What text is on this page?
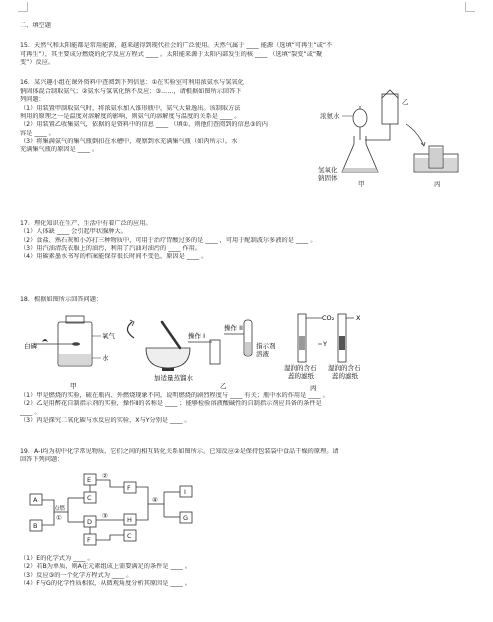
二、填空题

15．天然气和太阳能都是常用能源，越来越得到现代社会的广泛使用。天然气属于 ____ 能源（选填“可再生”或“不

可再生”），其主要成分燃烧的化学反应方程式 ____ 。太阳能来源于太阳内部发生的核 ____ （选填“裂变”或“聚

变”）反应。

16．某兴趣小组在课外资料中查阅到下列信息：①在实验室可利用浓氨水与氢氧化

钠固体混合制取氨气；②氨水与氢氧化钠不反应；③……，请根据如图所示回答下

列问题：

（1）用装置甲制取氨气时，将浓氨水加入锥形瓶中，氨气大量逸出。该制取方法

利用的原理之一是温度对溶解度的影响，则氨气的溶解度与温度的关系是 ____ 。

（2）用装置乙收集氨气，依据的是资料中的信息 ____ （填①，则他们查阅到的信息③的内

容是 ____ 。

（3）将集满氨气的集气瓶倒扣在水槽中，观察到水充满集气瓶（如丙所示）。水

充满集气瓶的原因是 ____ 。

浓氨水
氢氧化钠固体
甲
乙
丙

17．理化知识在生产、生活中有着广泛的应用。

（1）人体缺 ____ 会引起甲状腺肿大。

（2）食盐、熟石灰和小苏打三种物质中，可用于治疗胃酸过多的是 ____ ，可用于配制波尔多液的是 ____ 。

（3）用汽油清洗衣服上的油污，利用了汽油对油污的 ____ 作用。

（4）用碳素墨水书写的档案能保存很长时间不变色，原因是 ____ 。

18．根据如图所示回答问题：

白磷
氧气
水
甲
加适量蒸馏水
操作 I
操作 II
指示剂溶液
乙
CO₂	X
Y
湿润的含石蕊的滤纸
湿润的含石蕊的滤纸
丙

（1）甲是燃烧的实验，硫在瓶内、外燃烧现象不同，说明燃烧的剧烈程度与 ____ 有关；瓶中水的作用是 ____ 。

（2）乙是用醉花自制指示剂的实验，操作Ⅱ的名称是 ____ ；能够检验溶液酸碱性的自制指示剂应具备的条件是

____ 。

（3）丙是探究二氧化碳与水反应的实验，X与Y分别是 ____ 。

19．A-I均为初中化学常见物质，它们之间的相互转化关系如图所示。已知反应②是保持包装袋中食品干燥的原理。请

回答下列问题：

A
B
C
D
E
F
H
C
F
I
G
点燃
①
②
③
④

（1）E的化学式为 ____ 。

（2）若B为单质，则A在元素组成上需要满足的条件是 ____ 。

（3）反应③的一个化学方程式为 ____ 。

（4）F与G的化学性质相似，从微观角度分析其原因是 ____ 。
